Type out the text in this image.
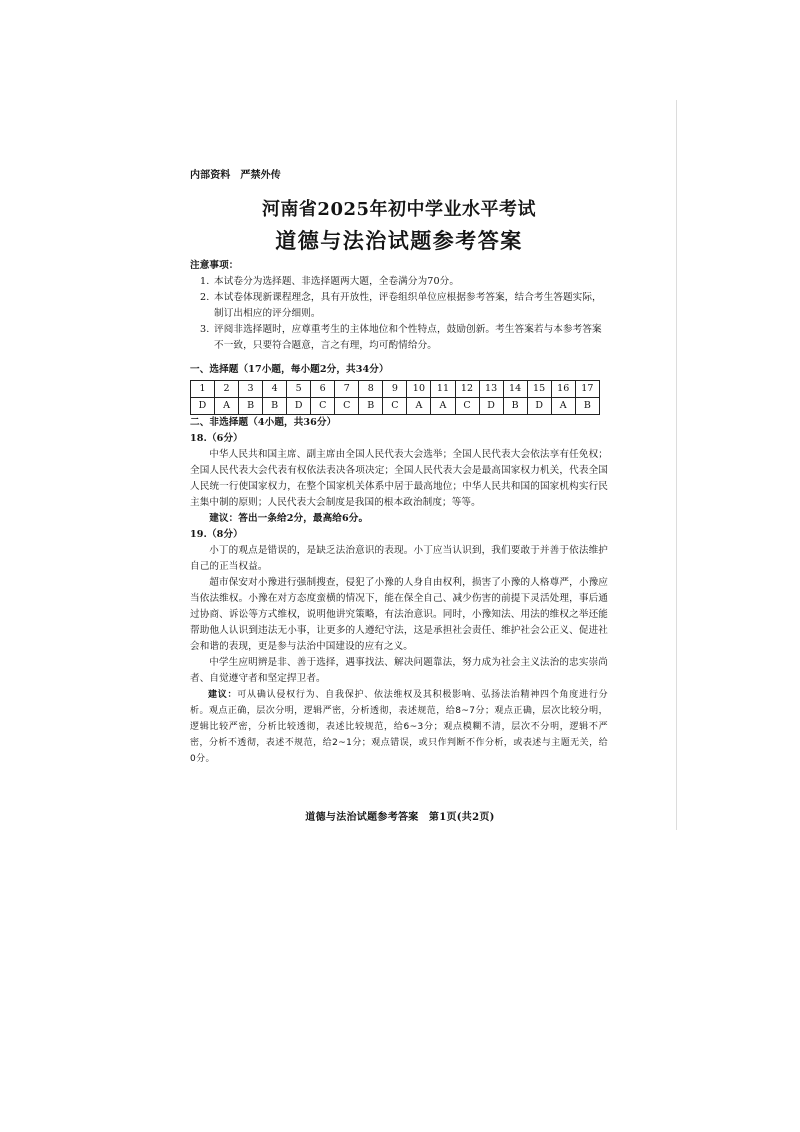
内部资料 严禁外传
河南省2025年初中学业水平考试
道德与法治试题参考答案
注意事项：
1. 本试卷分为选择题、非选择题两大题，全卷满分为70分。
2. 本试卷体现新课程理念，具有开放性，评卷组织单位应根据参考答案，结合考生答题实际，制订出相应的评分细则。
3. 评阅非选择题时，应尊重考生的主体地位和个性特点，鼓励创新。考生答案若与本参考答案不一致，只要符合题意，言之有理，均可酌情给分。
一、选择题（17小题，每小题2分，共34分）
1	2	3	4	5	6	7	8	9	10	11	12	13	14	15	16	17
D	A	B	B	D	C	C	B	C	A	A	C	D	B	D	A	B
二、非选择题（4小题，共36分）
18.（6分）
中华人民共和国主席、副主席由全国人民代表大会选举；全国人民代表大会依法享有任免权；全国人民代表大会代表有权依法表决各项决定；全国人民代表大会是最高国家权力机关，代表全国人民统一行使国家权力，在整个国家机关体系中居于最高地位；中华人民共和国的国家机构实行民主集中制的原则；人民代表大会制度是我国的根本政治制度；等等。
建议：答出一条给2分，最高给6分。
19.（8分）
小丁的观点是错误的，是缺乏法治意识的表现。小丁应当认识到，我们要敢于并善于依法维护自己的正当权益。
超市保安对小豫进行强制搜查，侵犯了小豫的人身自由权利，损害了小豫的人格尊严，小豫应当依法维权。小豫在对方态度蛮横的情况下，能在保全自己、减少伤害的前提下灵活处理，事后通过协商、诉讼等方式维权，说明他讲究策略，有法治意识。同时，小豫知法、用法的维权之举还能帮助他人认识到违法无小事，让更多的人遵纪守法，这是承担社会责任、维护社会公正义、促进社会和谐的表现，更是参与法治中国建设的应有之义。
中学生应明辨是非、善于选择，遇事找法、解决问题靠法，努力成为社会主义法治的忠实崇尚者、自觉遵守者和坚定捍卫者。
建议：可从确认侵权行为、自我保护、依法维权及其积极影响、弘扬法治精神四个角度进行分析。观点正确，层次分明，逻辑严密，分析透彻，表述规范，给8~7分；观点正确，层次比较分明，逻辑比较严密，分析比较透彻，表述比较规范，给6~3分；观点模糊不清，层次不分明，逻辑不严密，分析不透彻，表述不规范，给2~1分；观点错误，或只作判断不作分析，或表述与主题无关，给0分。
道德与法治试题参考答案　第1页(共2页)
